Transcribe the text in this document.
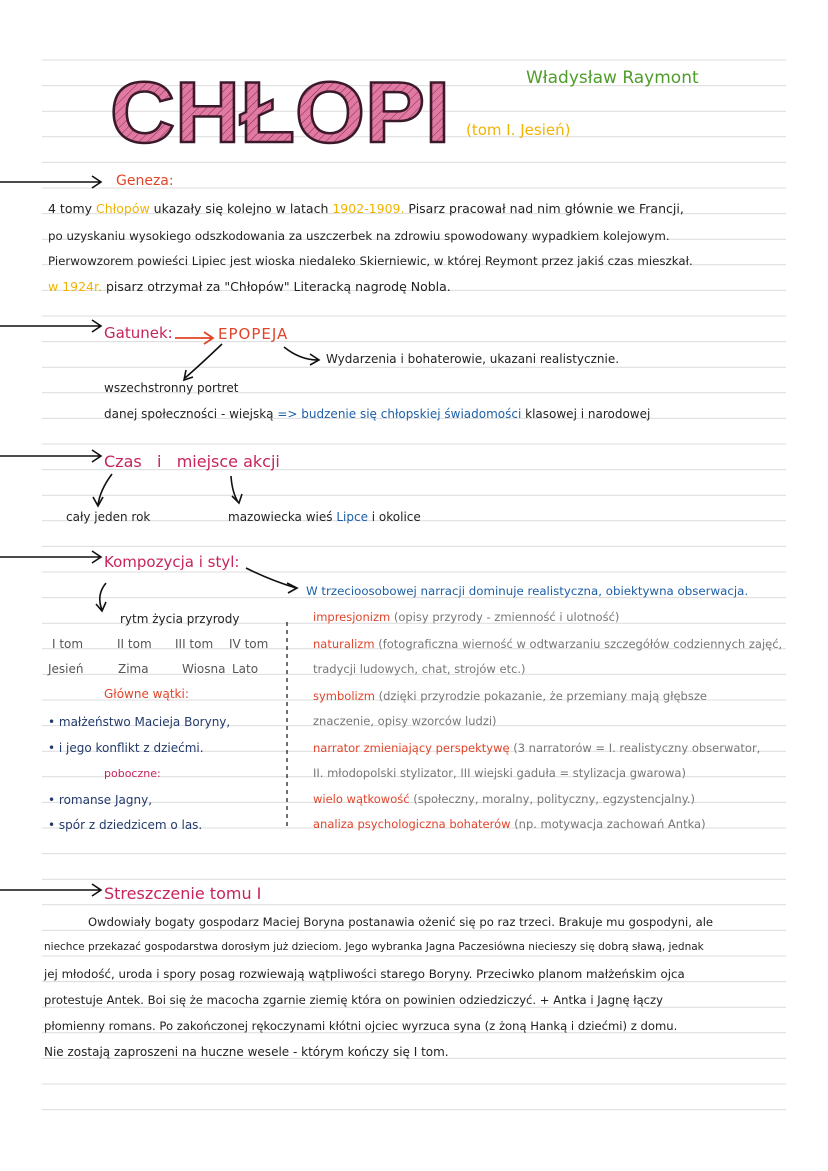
CHŁOPI	Władysław Raymont
(tom I. Jesień)
Geneza:
4 tomy Chłopów ukazały się kolejno w latach 1902-1909. Pisarz pracował nad nim głównie we Francji,
po uzyskaniu wysokiego odszkodowania za uszczerbek na zdrowiu spowodowany wypadkiem kolejowym.
Pierwowzorem powieści Lipiec jest wioska niedaleko Skierniewic, w której Reymont przez jakiś czas mieszkał.
w 1924r. pisarz otrzymał za "Chłopów" Literacką nagrodę Nobla.
Gatunek:	EPOPEJA
Wydarzenia i bohaterowie, ukazani realistycznie.
wszechstronny portret
danej społeczności - wiejską => budzenie się chłopskiej świadomości klasowej i narodowej
Czas i miejsce akcji
cały jeden rok	mazowiecka wieś Lipce i okolice
Kompozycja i styl:
W trzecioosobowej narracji dominuje realistyczna, obiektywna obserwacja.
rytm życia przyrody
I tom	II tom III tom IV tom
Jesień	Zima	Wiosna Lato
Główne wątki:
• małżeństwo Macieja Boryny,
• i jego konflikt z dziećmi.
poboczne:
• romanse Jagny,
• spór z dziedzicem o las.
impresjonizm (opisy przyrody - zmienność i ulotność)
naturalizm (fotograficzna wierność w odtwarzaniu szczegółów codziennych zajęć,
tradycji ludowych, chat, strojów etc.)
symbolizm (dzięki przyrodzie pokazanie, że przemiany mają głębsze
znaczenie, opisy wzorców ludzi)
narrator zmieniający perspektywę (3 narratorów = I. realistyczny obserwator,
II. młodopolski stylizator, III wiejski gaduła = stylizacja gwarowa)
wielo wątkowość (społeczny, moralny, polityczny, egzystencjalny.)
analiza psychologiczna bohaterów (np. motywacja zachowań Antka)
Streszczenie tomu I
Owdowiały bogaty gospodarz Maciej Boryna postanawia ożenić się po raz trzeci. Brakuje mu gospodyni, ale
niechce przekazać gospodarstwa dorosłym już dzieciom. Jego wybranka Jagna Paczesiówna niecieszy się dobrą sławą, jednak
jej młodość, uroda i spory posag rozwiewają wątpliwości starego Boryny. Przeciwko planom małżeńskim ojca
protestuje Antek. Boi się że macocha zgarnie ziemię która on powinien odziedziczyć. + Antka i Jagnę łączy
płomienny romans. Po zakończonej rękoczynami kłótni ojciec wyrzuca syna (z żoną Hanką i dziećmi) z domu.
Nie zostają zaproszeni na huczne wesele - którym kończy się I tom.
